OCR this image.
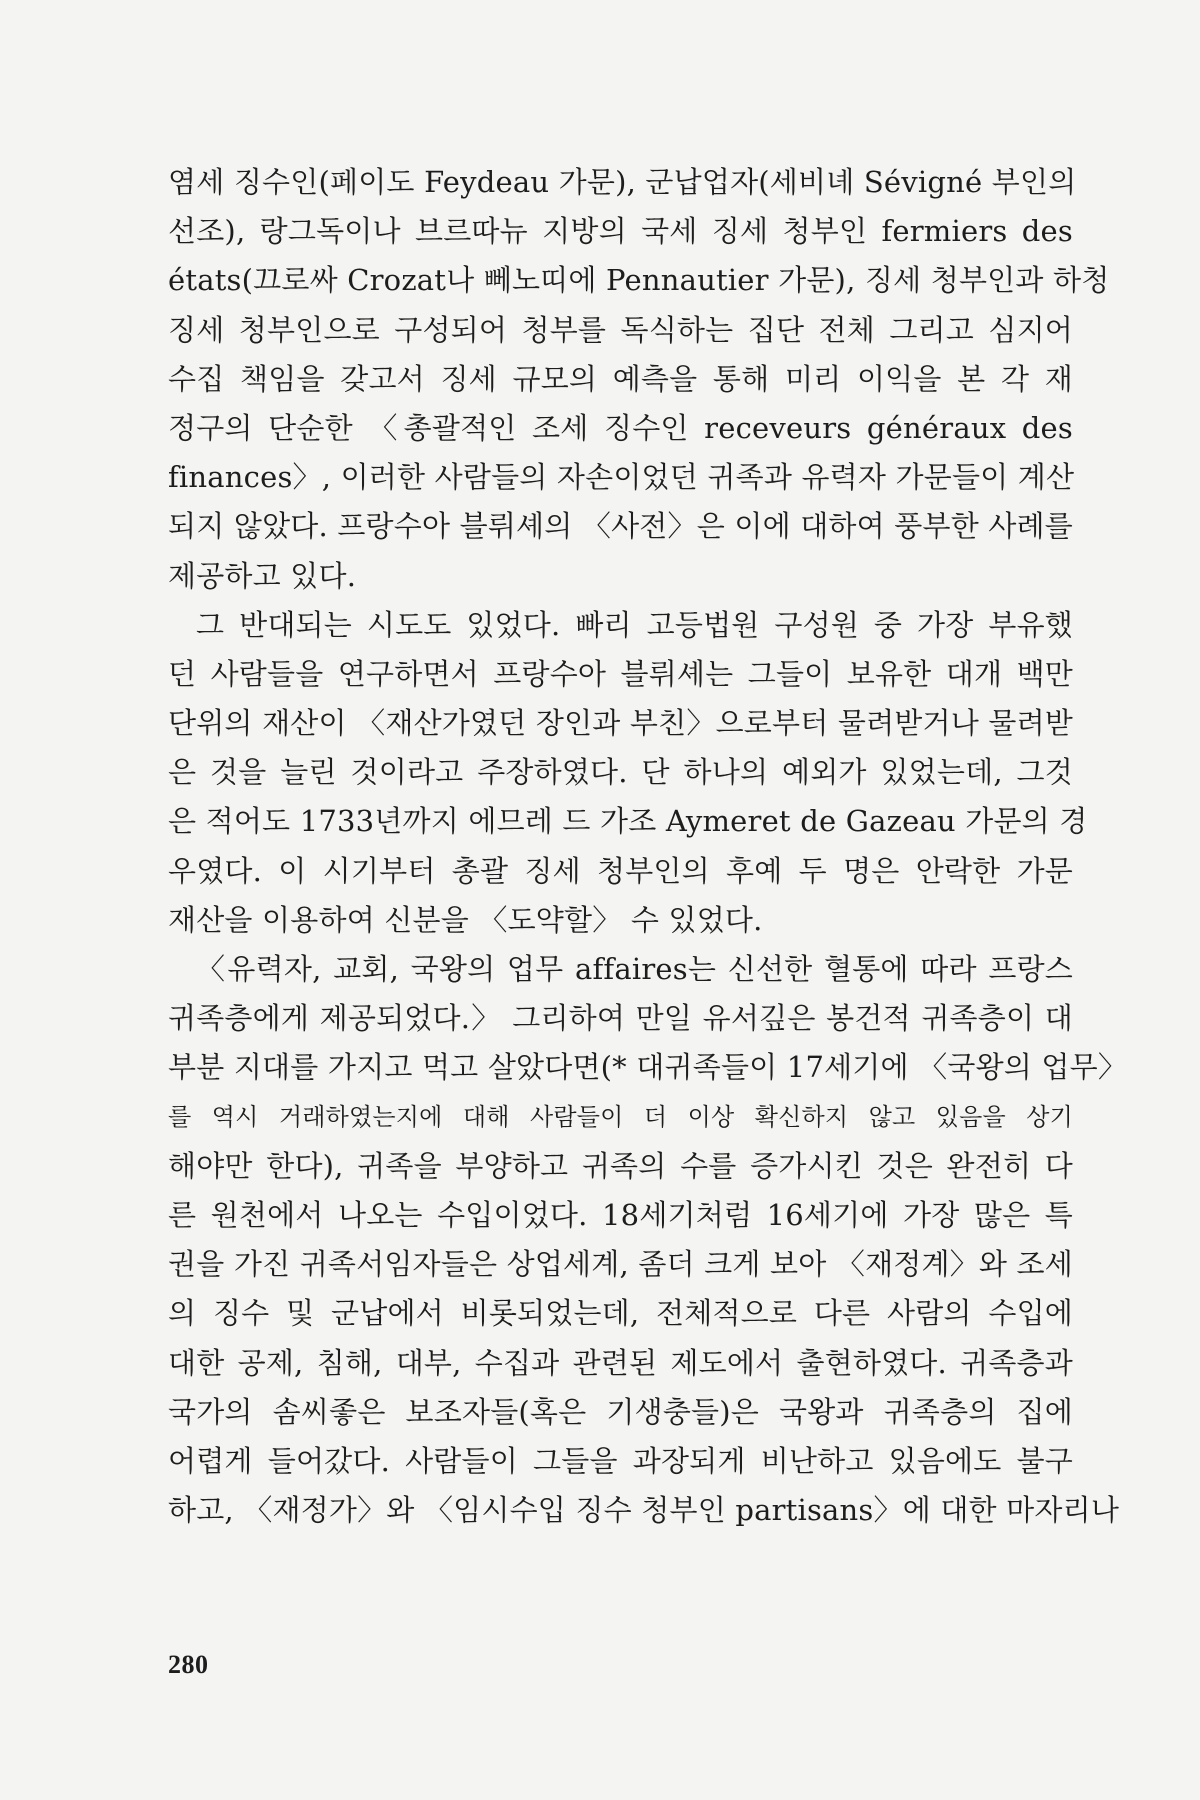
염세 징수인(페이도 Feydeau 가문), 군납업자(세비녜 Sévigné 부인의
선조), 랑그독이나 브르따뉴 지방의 국세 징세 청부인 fermiers des
états(끄로싸 Crozat나 뻬노띠에 Pennautier 가문), 징세 청부인과 하청
징세 청부인으로 구성되어 청부를 독식하는 집단 전체 그리고 심지어
수집 책임을 갖고서 징세 규모의 예측을 통해 미리 이익을 본 각 재
정구의 단순한 〈총괄적인 조세 징수인 receveurs généraux des
finances〉, 이러한 사람들의 자손이었던 귀족과 유력자 가문들이 계산
되지 않았다. 프랑수아 블뤼셰의 〈사전〉은 이에 대하여 풍부한 사례를
제공하고 있다.
그 반대되는 시도도 있었다. 빠리 고등법원 구성원 중 가장 부유했
던 사람들을 연구하면서 프랑수아 블뤼셰는 그들이 보유한 대개 백만
단위의 재산이 〈재산가였던 장인과 부친〉으로부터 물려받거나 물려받
은 것을 늘린 것이라고 주장하였다. 단 하나의 예외가 있었는데, 그것
은 적어도 1733년까지 에므레 드 가조 Aymeret de Gazeau 가문의 경
우였다. 이 시기부터 총괄 징세 청부인의 후예 두 명은 안락한 가문
재산을 이용하여 신분을 〈도약할〉 수 있었다.
〈유력자, 교회, 국왕의 업무 affaires는 신선한 혈통에 따라 프랑스
귀족층에게 제공되었다.〉 그리하여 만일 유서깊은 봉건적 귀족층이 대
부분 지대를 가지고 먹고 살았다면(* 대귀족들이 17세기에 〈국왕의 업무〉
를 역시 거래하였는지에 대해 사람들이 더 이상 확신하지 않고 있음을 상기
해야만 한다), 귀족을 부양하고 귀족의 수를 증가시킨 것은 완전히 다
른 원천에서 나오는 수입이었다. 18세기처럼 16세기에 가장 많은 특
권을 가진 귀족서임자들은 상업세계, 좀더 크게 보아 〈재정계〉와 조세
의 징수 및 군납에서 비롯되었는데, 전체적으로 다른 사람의 수입에
대한 공제, 침해, 대부, 수집과 관련된 제도에서 출현하였다. 귀족층과
국가의 솜씨좋은 보조자들(혹은 기생충들)은 국왕과 귀족층의 집에
어렵게 들어갔다. 사람들이 그들을 과장되게 비난하고 있음에도 불구
하고, 〈재정가〉와 〈임시수입 징수 청부인 partisans〉에 대한 마자리나
280
